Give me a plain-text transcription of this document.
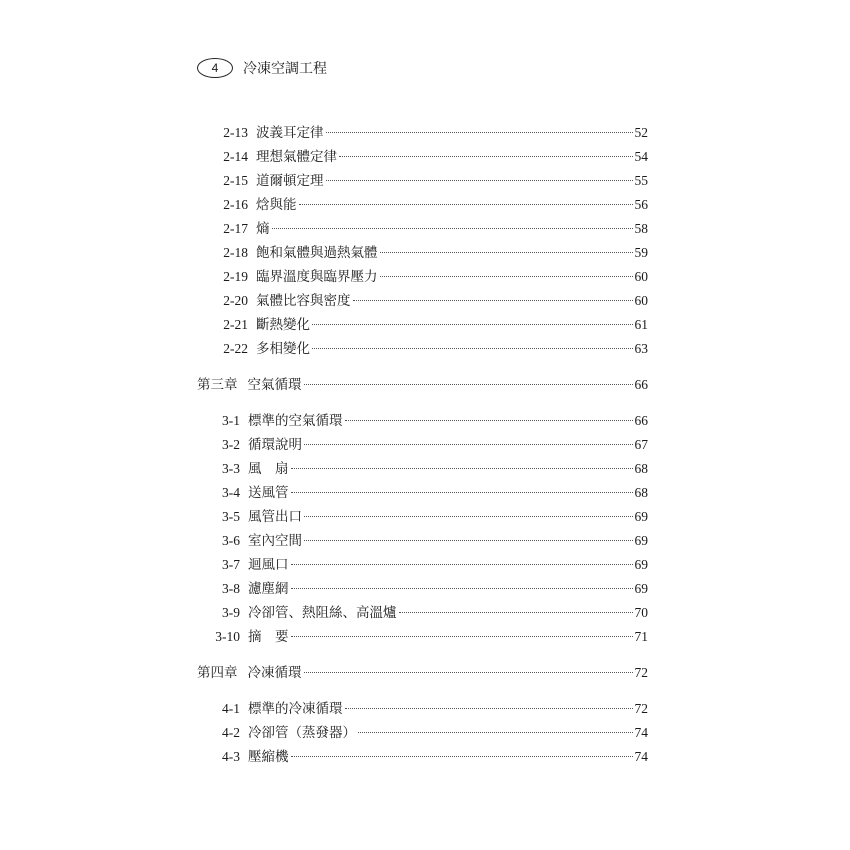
4	冷凍空調工程
2-13 波義耳定律	52
2-14 理想氣體定律	54
2-15 道爾頓定理	55
2-16 焓與能	56
2-17 熵	58
2-18 飽和氣體與過熱氣體	59
2-19 臨界溫度與臨界壓力	60
2-20 氣體比容與密度	60
2-21 斷熱變化	61
2-22 多相變化	63
第三章 空氣循環	66
3-1 標準的空氣循環	66
3-2 循環說明	67
3-3 風　扇	68
3-4 送風管	68
3-5 風管出口	69
3-6 室內空間	69
3-7 迴風口	69
3-8 濾塵網	69
3-9 冷卻管、熱阻絲、高溫爐	70
3-10 摘　要	71
第四章 冷凍循環	72
4-1 標準的冷凍循環	72
4-2 冷卻管（蒸發器）	74
4-3 壓縮機	74
